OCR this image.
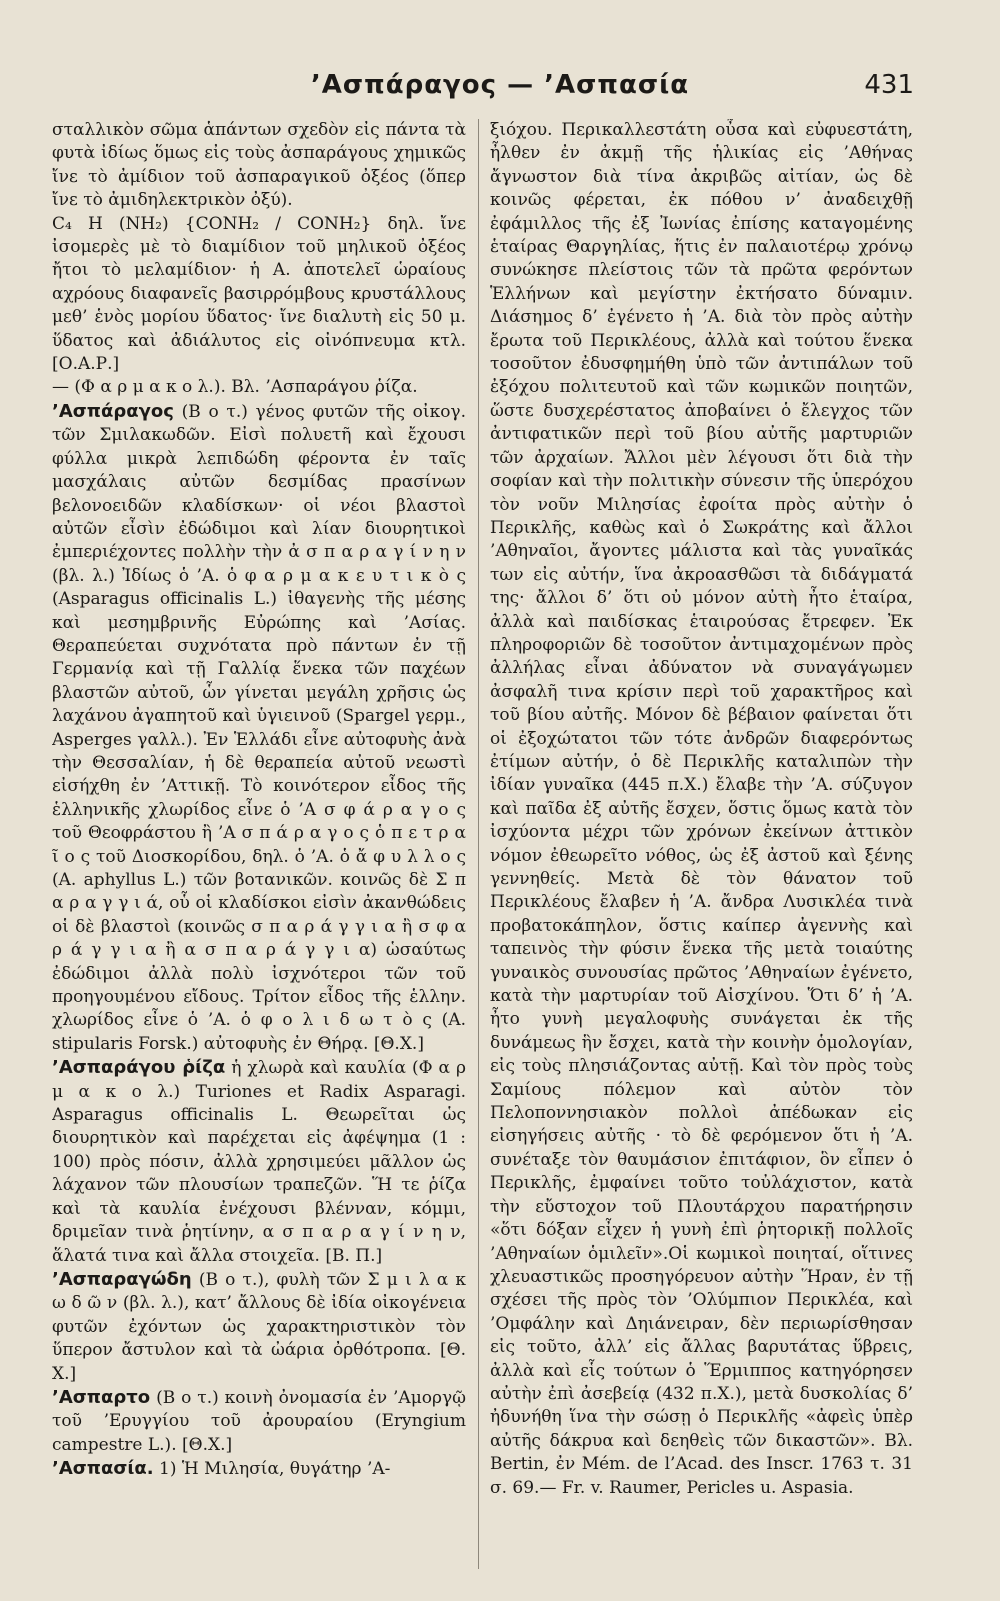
’Ασπάραγος — ’Ασπασία	431

σταλλικὸν σῶμα ἁπάντων σχεδὸν εἰς πάντα τὰ φυτὰ ἰδίως ὅμως εἰς τοὺς ἀσπαράγους χημικῶς ἴνε τὸ ἀμίδιον τοῦ ἀσπαραγικοῦ ὀξέος (ὅπερ ἴνε τὸ ἀμιδηλεκτρικὸν ὀξύ).

C₄ H (NH₂) {CONH₂ / CONH₂} δηλ. ἴνε ἰσομερὲς μὲ τὸ διαμίδιον τοῦ μηλικοῦ ὀξέος ἤτοι τὸ μελαμίδιον· ἡ Α. ἀποτελεῖ ὡραίους αχρόους διαφανεῖς βασιρρόμβους κρυστάλλους μεθ’ ἑνὸς μορίου ὕδατος· ἴνε διαλυτὴ εἰς 50 μ. ὕδατος καὶ ἀδιάλυτος εἰς οἰνόπνευμα κτλ. [Ο.Α.Ρ.]

— (Φ α ρ μ α κ ο λ.). Βλ. ’Ασπαράγου ῥίζα.

’Ασπάραγος (Β ο τ.) γένος φυτῶν τῆς οἰκογ. τῶν Σμιλακωδῶν. Εἰσὶ πολυετῆ καὶ ἔχουσι φύλλα μικρὰ λεπιδώδη φέροντα ἐν ταῖς μασχάλαις αὐτῶν δεσμίδας πρασίνων βελονοειδῶν κλαδίσκων· οἱ νέοι βλαστοὶ αὐτῶν εἶσὶν ἐδώδιμοι καὶ λίαν διουρητικοὶ ἐμπεριέχοντες πολλὴν τὴν ἀ σ π α ρ α γ ί ν η ν (βλ. λ.) Ἰδίως ὁ ’Α. ὁ φ α ρ μ α κ ε υ τ ι κ ὸ ς (Asparagus officinalis L.) ἰθαγενὴς τῆς μέσης καὶ μεσημβρινῆς Εὐρώπης καὶ ’Ασίας. Θεραπεύεται συχνότατα πρὸ πάντων ἐν τῇ Γερμανίᾳ καὶ τῇ Γαλλίᾳ ἕνεκα τῶν παχέων βλαστῶν αὐτοῦ, ὧν γίνεται μεγάλη χρῆσις ὡς λαχάνου ἀγαπητοῦ καὶ ὑγιεινοῦ (Spargel γερμ., Asperges γαλλ.). Ἐν Ἑλλάδι εἶνε αὐτοφυὴς ἀνὰ τὴν Θεσσαλίαν, ἡ δὲ θεραπεία αὐτοῦ νεωστὶ εἰσήχθη ἐν ’Αττικῇ. Τὸ κοινότερον εἶδος τῆς ἑλληνικῆς χλωρίδος εἶνε ὁ ’Α σ φ ά ρ α γ ο ς τοῦ Θεοφράστου ἢ ’Α σ π ά ρ α γ ο ς ὁ π ε τ ρ α ῖ ο ς τοῦ Διοσκορίδου, δηλ. ὁ ’Α. ὁ ἄ φ υ λ λ ο ς (A. aphyllus L.) τῶν βοτανικῶν. κοινῶς δὲ Σ π α ρ α γ γ ι ά, οὗ οἱ κλαδίσκοι εἰσὶν ἀκανθώδεις οἱ δὲ βλαστοὶ (κοινῶς σ π α ρ ά γ γ ι α ἢ σ φ α ρ ά γ γ ι α ἢ α σ π α ρ ά γ γ ι α) ὡσαύτως ἐδώδιμοι ἀλλὰ πολὺ ἰσχνότεροι τῶν τοῦ προηγουμένου εἴδους. Τρίτον εἶδος τῆς ἑλλην. χλωρίδος εἶνε ὁ ’Α. ὁ φ ο λ ι δ ω τ ὸ ς (A. stipularis Forsk.) αὐτοφυὴς ἐν Θήρᾳ. [Θ.Χ.]

’Ασπαράγου ῥίζα ἡ χλωρὰ καὶ καυλία (Φ α ρ μ α κ ο λ.) Turiones et Radix Asparagi. Asparagus officinalis L. Θεωρεῖται ὡς διουρητικὸν καὶ παρέχεται εἰς ἀφέψημα (1 : 100) πρὸς πόσιν, ἀλλὰ χρησιμεύει μᾶλλον ὡς λάχανον τῶν πλουσίων τραπεζῶν. Ἥ τε ῥίζα καὶ τὰ καυλία ἐνέχουσι βλένναν, κόμμι, δριμεῖαν τινὰ ῥητίνην, α σ π α ρ α γ ί ν η ν, ἅλατά τινα καὶ ἄλλα στοιχεῖα. [Β. Π.]

’Ασπαραγώδη (Β ο τ.), φυλὴ τῶν Σ μ ι λ α κ ω δ ῶ ν (βλ. λ.), κατ’ ἄλλους δὲ ἰδία οἰκογένεια φυτῶν ἐχόντων ὡς χαρακτηριστικὸν τὸν ὕπερον ἄστυλον καὶ τὰ ὠάρια ὀρθότροπα. [Θ. Χ.]

’Ασπαρτο (Β ο τ.) κοινὴ ὀνομασία ἐν ’Αμοργῷ τοῦ ’Ερυγγίου τοῦ ἀρουραίου (Eryngium campestre L.). [Θ.Χ.]

’Ασπασία. 1) Ἡ Μιλησία, θυγάτηρ ’Α-

ξιόχου. Περικαλλεστάτη οὖσα καὶ εὐφυεστάτη, ἦλθεν ἐν ἀκμῇ τῆς ἡλικίας εἰς ’Αθήνας ἄγνωστον διὰ τίνα ἀκριβῶς αἰτίαν, ὡς δὲ κοινῶς φέρεται, ἐκ πόθου ν’ ἀναδειχθῇ ἐφάμιλλος τῆς ἐξ Ἰωνίας ἐπίσης καταγομένης ἑταίρας Θαργηλίας, ἥτις ἐν παλαιοτέρῳ χρόνῳ συνώκησε πλείστοις τῶν τὰ πρῶτα φερόντων Ἑλλήνων καὶ μεγίστην ἐκτήσατο δύναμιν. Διάσημος δ’ ἐγένετο ἡ ’Α. διὰ τὸν πρὸς αὐτὴν ἔρωτα τοῦ Περικλέους, ἀλλὰ καὶ τούτου ἕνεκα τοσοῦτον ἐδυσφημήθη ὑπὸ τῶν ἀντιπάλων τοῦ ἐξόχου πολιτευτοῦ καὶ τῶν κωμικῶν ποιητῶν, ὥστε δυσχερέστατος ἀποβαίνει ὁ ἔλεγχος τῶν ἀντιφατικῶν περὶ τοῦ βίου αὐτῆς μαρτυριῶν τῶν ἀρχαίων. Ἄλλοι μὲν λέγουσι ὅτι διὰ τὴν σοφίαν καὶ τὴν πολιτικὴν σύνεσιν τῆς ὑπερόχου τὸν νοῦν Μιλησίας ἐφοίτα πρὸς αὐτὴν ὁ Περικλῆς, καθὼς καὶ ὁ Σωκράτης καὶ ἄλλοι ’Αθηναῖοι, ἄγοντες μάλιστα καὶ τὰς γυναῖκάς των εἰς αὐτήν, ἵνα ἀκροασθῶσι τὰ διδάγματά της· ἄλλοι δ’ ὅτι οὐ μόνον αὐτὴ ἦτο ἑταίρα, ἀλλὰ καὶ παιδίσκας ἑταιρούσας ἔτρεφεν. Ἐκ πληροφοριῶν δὲ τοσοῦτον ἀντιμαχομένων πρὸς ἀλλήλας εἶναι ἀδύνατον νὰ συναγάγωμεν ἀσφαλῆ τινα κρίσιν περὶ τοῦ χαρακτῆρος καὶ τοῦ βίου αὐτῆς. Μόνον δὲ βέβαιον φαίνεται ὅτι οἱ ἐξοχώτατοι τῶν τότε ἀνδρῶν διαφερόντως ἐτίμων αὐτήν, ὁ δὲ Περικλῆς καταλιπὼν τὴν ἰδίαν γυναῖκα (445 π.Χ.) ἔλαβε τὴν ’Α. σύζυγον καὶ παῖδα ἐξ αὐτῆς ἔσχεν, ὅστις ὅμως κατὰ τὸν ἰσχύοντα μέχρι τῶν χρόνων ἐκείνων ἀττικὸν νόμον ἐθεωρεῖτο νόθος, ὡς ἐξ ἀστοῦ καὶ ξένης γεννηθείς. Μετὰ δὲ τὸν θάνατον τοῦ Περικλέους ἔλαβεν ἡ ’Α. ἄνδρα Λυσικλέα τινὰ προβατοκάπηλον, ὅστις καίπερ ἀγεννὴς καὶ ταπεινὸς τὴν φύσιν ἕνεκα τῆς μετὰ τοιαύτης γυναικὸς συνουσίας πρῶτος ’Αθηναίων ἐγένετο, κατὰ τὴν μαρτυρίαν τοῦ Αἰσχίνου. Ὅτι δ’ ἡ ’Α. ἦτο γυνὴ μεγαλοφυὴς συνάγεται ἐκ τῆς δυνάμεως ἣν ἔσχει, κατὰ τὴν κοινὴν ὁμολογίαν, εἰς τοὺς πλησιάζοντας αὐτῇ. Καὶ τὸν πρὸς τοὺς Σαμίους πόλεμον καὶ αὐτὸν τὸν Πελοποννησιακὸν πολλοὶ ἀπέδωκαν εἰς εἰσηγήσεις αὐτῆς · τὸ δὲ φερόμενον ὅτι ἡ ’Α. συνέταξε τὸν θαυμάσιον ἐπιτάφιον, ὃν εἶπεν ὁ Περικλῆς, ἐμφαίνει τοῦτο τοὐλάχιστον, κατὰ τὴν εὔστοχον τοῦ Πλουτάρχου παρατήρησιν «ὅτι δόξαν εἶχεν ἡ γυνὴ ἐπὶ ῥητορικῇ πολλοῖς ’Αθηναίων ὁμιλεῖν».Οἱ κωμικοὶ ποιηταί, οἵτινες χλευαστικῶς προσηγόρευον αὐτὴν Ἥραν, ἐν τῇ σχέσει τῆς πρὸς τὸν ’Ολύμπιον Περικλέα, καὶ ’Ομφάλην καὶ Δηιάνειραν, δὲν περιωρίσθησαν εἰς τοῦτο, ἀλλ’ εἰς ἄλλας βαρυτάτας ὕβρεις, ἀλλὰ καὶ εἷς τούτων ὁ Ἕρμιππος κατηγόρησεν αὐτὴν ἐπὶ ἀσεβείᾳ (432 π.Χ.), μετὰ δυσκολίας δ’ ἠδυνήθη ἵνα τὴν σώσῃ ὁ Περικλῆς «ἀφεὶς ὑπὲρ αὐτῆς δάκρυα καὶ δεηθεὶς τῶν δικαστῶν». Βλ. Bertin, ἐν Mém. de l’Acad. des Inscr. 1763 τ. 31 σ. 69.— Fr. v. Raumer, Pericles u. Aspasia.
